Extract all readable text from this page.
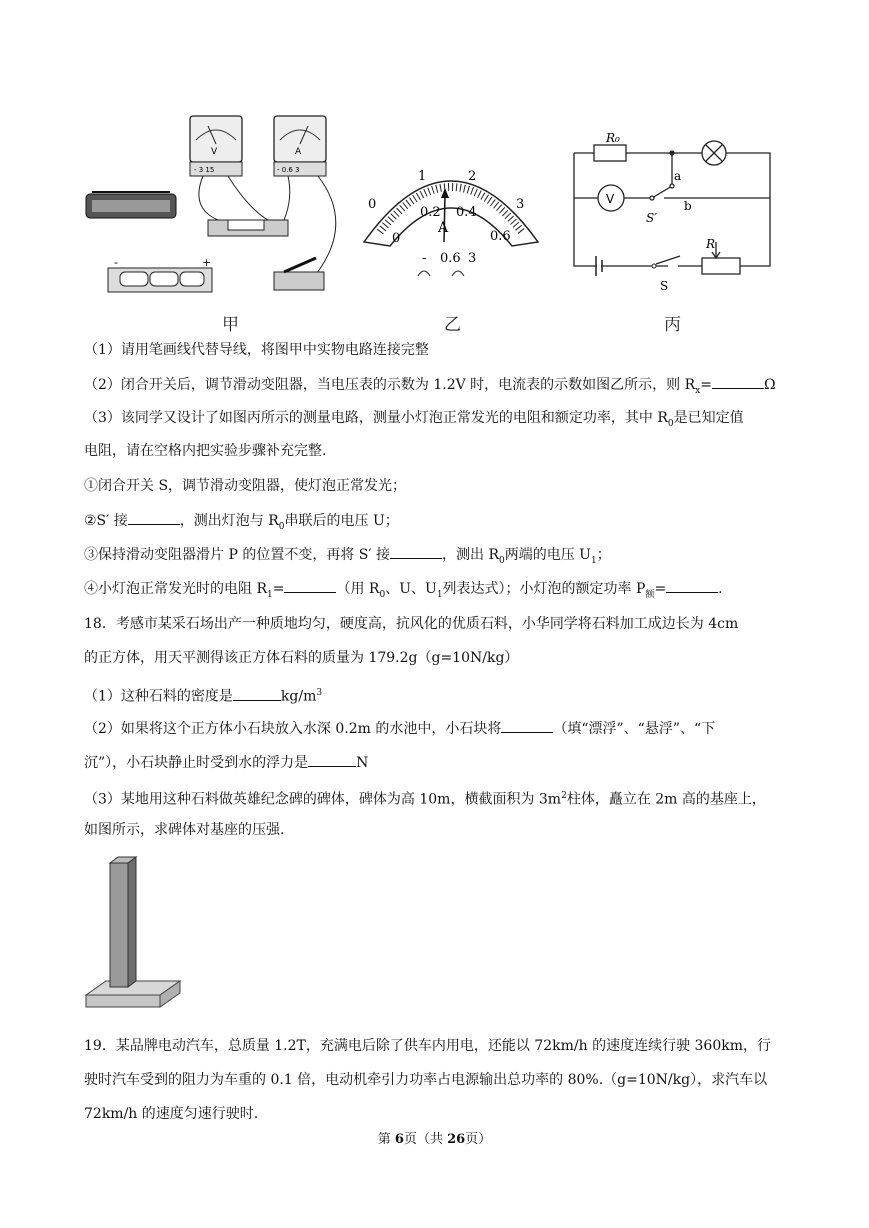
V
- 3 15
A
- 0.6 3
-	+
甲
0
1	2
3
0
0.2 0.4
0.6
A
- 0.6 3
乙
R₀
V
a
S′
b
R
S
丙
（1）请用笔画线代替导线，将图甲中实物电路连接完整
（2）闭合开关后，调节滑动变阻器，当电压表的示数为 1.2V 时，电流表的示数如图乙所示，则 $R_x=$	Ω
（3）该同学又设计了如图丙所示的测量电路，测量小灯泡正常发光的电阻和额定功率，其中 $R_0$是已知定值
电阻，请在空格内把实验步骤补充完整.
①闭合开关 S，调节滑动变阻器，使灯泡正常发光；
②S′ 接	，测出灯泡与 $R_0$串联后的电压 U；
③保持滑动变阻器滑片 P 的位置不变，再将 S′ 接	，测出 $R_0$两端的电压 $U_1$；
④小灯泡正常发光时的电阻 $R_1=$	（用 $R_0$、U、$U_1$列表达式）；小灯泡的额定功率 $P_额=$	.
18．考感市某采石场出产一种质地均匀，硬度高，抗风化的优质石料，小华同学将石料加工成边长为 4cm
的正方体，用天平测得该正方体石料的质量为 179.2g（g=10N/kg）
（1）这种石料的密度是	$kg/m^3$
（2）如果将这个正方体小石块放入水深 0.2m 的水池中，小石块将	（填“漂浮”、“悬浮”、“下
沉”），小石块静止时受到水的浮力是	N
（3）某地用这种石料做英雄纪念碑的碑体，碑体为高 10m，横截面积为 $3m^2$柱体，矗立在 2m 高的基座上，
如图所示，求碑体对基座的压强.
19．某品牌电动汽车，总质量 1.2T，充满电后除了供车内用电，还能以 72km/h 的速度连续行驶 360km，行
驶时汽车受到的阻力为车重的 0.1 倍，电动机牵引力功率占电源输出总功率的 80%.（g=10N/kg），求汽车以
72km/h 的速度匀速行驶时.
第 6页（共 26页）
